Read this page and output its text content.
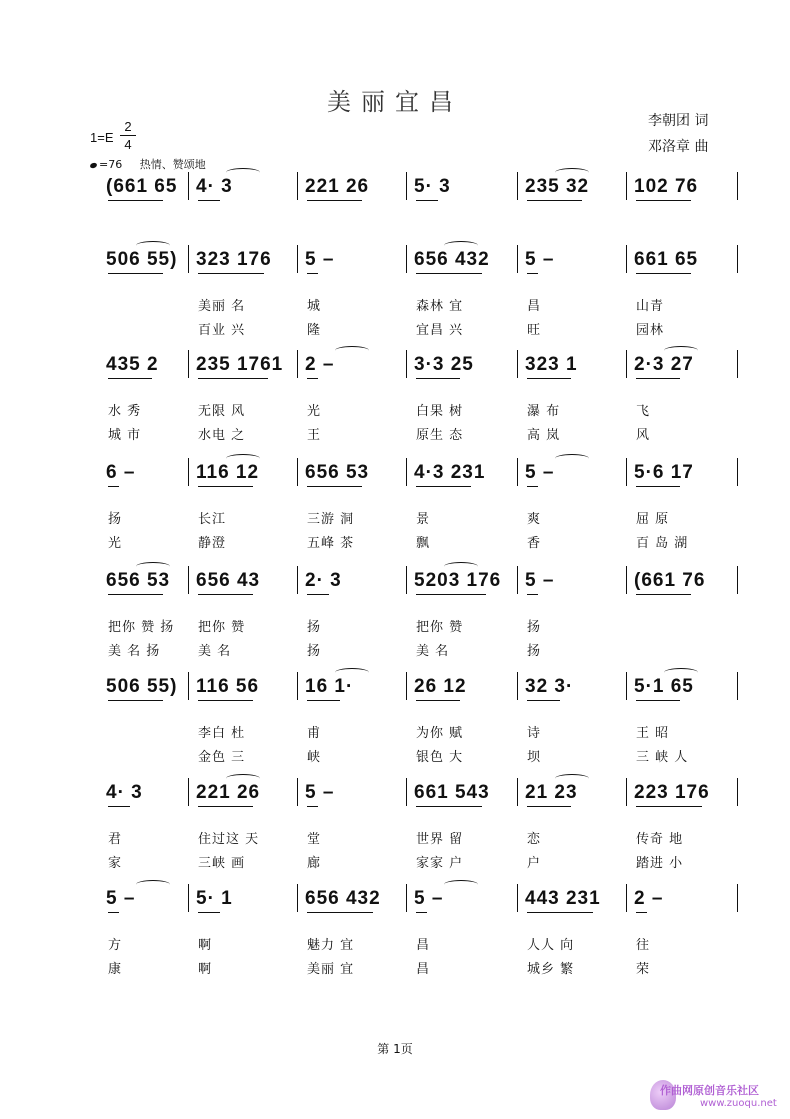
美丽宜昌
李朝团 词
邓洛章 曲
1=E
2
4
=76 热情、赞颂地
(661 65 4· 3	221 26 5· 3	235 32 102 76
506 55) 323 176
美丽 名
百业 兴
5 –
城
隆
656 432
森林 宜
宜昌 兴
5 –
昌
旺
661 65
山青
园林
435 2
水 秀
城 市
235 1761
无限 风
水电 之
2 –
光
王
3·3 25
白果 树
原生 态
323 1
瀑 布
高 岚
2·3 27
飞
风
6 –
扬
光
116 12
长江
静澄
656 53
三游 洞
五峰 茶
4·3 231
景
飘
5 –
爽
香
5·6 17
屈 原
百 岛 湖
656 53
把你 赞 扬
美 名 扬
656 43
把你 赞
美 名
2· 3
扬
扬
5203 176
把你 赞
美 名
5 –
扬
扬
(661 76
506 55) 116 56
李白 杜
金色 三
16 1·
甫
峡
26 12
为你 赋
银色 大
32 3·
诗
坝
5·1 65
王 昭
三 峡 人
4· 3
君
家
221 26
住过这 天
三峡 画
5 –
堂
廊
661 543
世界 留
家家 户
21 23
恋
户
223 176
传奇 地
踏进 小
5 –
方
康
5· 1
啊
啊
656 432
魅力 宜
美丽 宜
5 –
昌
昌
443 231
人人 向
城乡 繁
2 –
往
荣
第 1页
作曲网原创音乐社区
www.zuoqu.net
